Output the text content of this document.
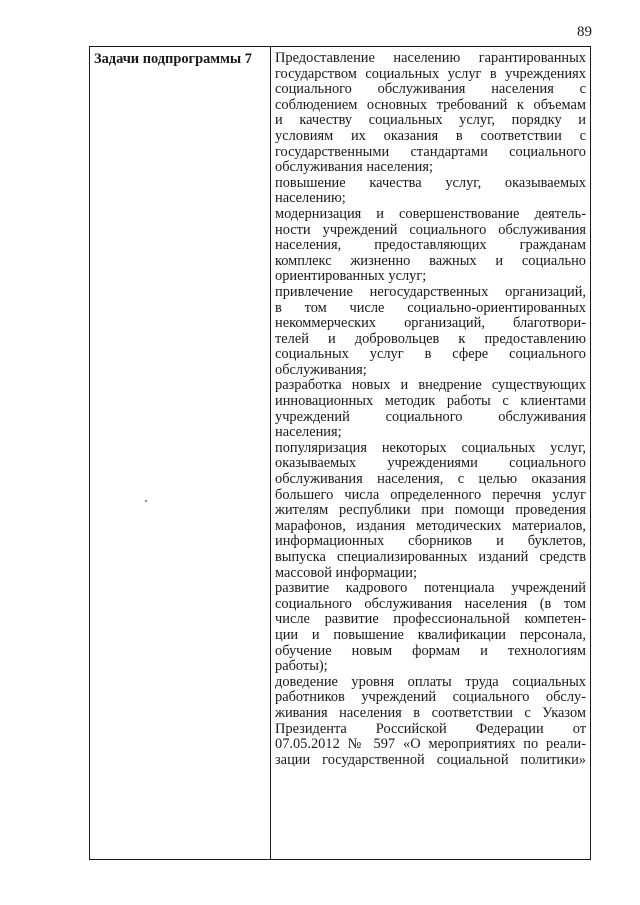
89
Задачи подпрограммы 7	Предоставление населению гарантированных
государством социальных услуг в учреждениях
социального обслуживания населения с
соблюдением основных требований к объемам
и качеству социальных услуг, порядку и
условиям их оказания в соответствии с
государственными стандартами социального
обслуживания населения;
повышение качества услуг, оказываемых
населению;
модернизация и совершенствование деятель-
ности учреждений социального обслуживания
населения, предоставляющих гражданам
комплекс жизненно важных и социально
ориентированных услуг;
привлечение негосударственных организаций,
в том числе социально-ориентированных
некоммерческих организаций, благотвори-
телей и добровольцев к предоставлению
социальных услуг в сфере социального
обслуживания;
разработка новых и внедрение существующих
инновационных методик работы с клиентами
учреждений социального обслуживания
населения;
популяризация некоторых социальных услуг,
оказываемых учреждениями социального
обслуживания населения, с целью оказания
большего числа определенного перечня услуг
жителям республики при помощи проведения
марафонов, издания методических материалов,
информационных сборников и буклетов,
выпуска специализированных изданий средств
массовой информации;
развитие кадрового потенциала учреждений
социального обслуживания населения (в том
числе развитие профессиональной компетен-
ции и повышение квалификации персонала,
обучение новым формам и технологиям
работы);
доведение уровня оплаты труда социальных
работников учреждений социального обслу-
живания населения в соответствии с Указом
Президента Российской Федерации от
07.05.2012 № 597 «О мероприятиях по реали-
зации государственной социальной политики»
